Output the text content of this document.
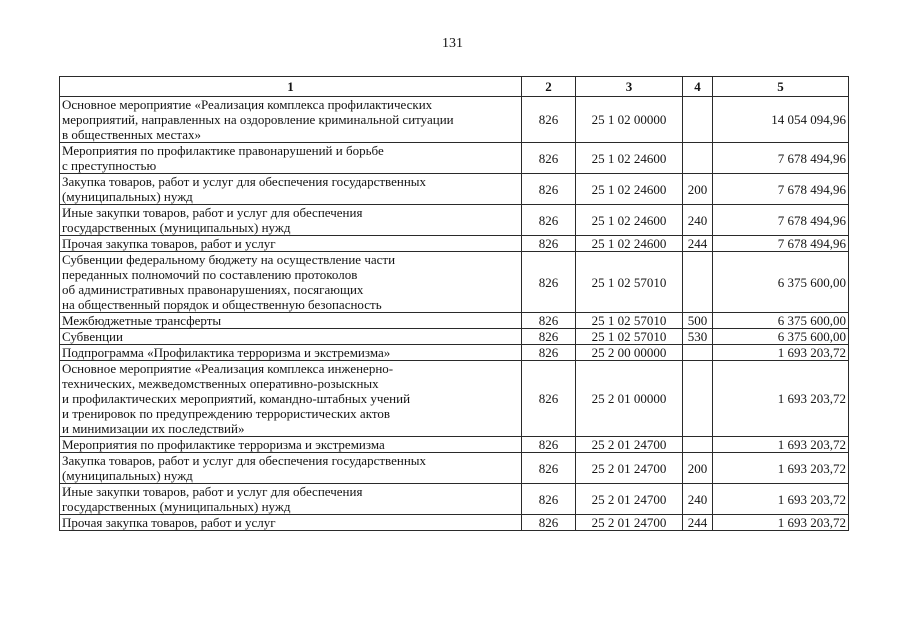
131
1	2	3	4	5

Основное мероприятие «Реализация комплекса профилактических
мероприятий, направленных на оздоровление криминальной ситуации
в общественных местах»	826	25 1 02 00000		14 054 094,96

Мероприятия по профилактике правонарушений и борьбе
с преступностью	826	25 1 02 24600		7 678 494,96

Закупка товаров, работ и услуг для обеспечения государственных
(муниципальных) нужд	826	25 1 02 24600	200	7 678 494,96

Иные закупки товаров, работ и услуг для обеспечения
государственных (муниципальных) нужд	826	25 1 02 24600	240	7 678 494,96

Прочая закупка товаров, работ и услуг	826	25 1 02 24600	244	7 678 494,96

Субвенции федеральному бюджету на осуществление части
переданных полномочий по составлению протоколов
об административных правонарушениях, посягающих
на общественный порядок и общественную безопасность	826	25 1 02 57010		6 375 600,00

Межбюджетные трансферты	826	25 1 02 57010	500	6 375 600,00

Субвенции	826	25 1 02 57010	530	6 375 600,00

Подпрограмма «Профилактика терроризма и экстремизма»	826	25 2 00 00000		1 693 203,72

Основное мероприятие «Реализация комплекса инженерно-
технических, межведомственных оперативно-розыскных
и профилактических мероприятий, командно-штабных учений
и тренировок по предупреждению террористических актов
и минимизации их последствий»	826	25 2 01 00000		1 693 203,72

Мероприятия по профилактике терроризма и экстремизма	826	25 2 01 24700		1 693 203,72

Закупка товаров, работ и услуг для обеспечения государственных
(муниципальных) нужд	826	25 2 01 24700	200	1 693 203,72

Иные закупки товаров, работ и услуг для обеспечения
государственных (муниципальных) нужд	826	25 2 01 24700	240	1 693 203,72

Прочая закупка товаров, работ и услуг	826	25 2 01 24700	244	1 693 203,72
